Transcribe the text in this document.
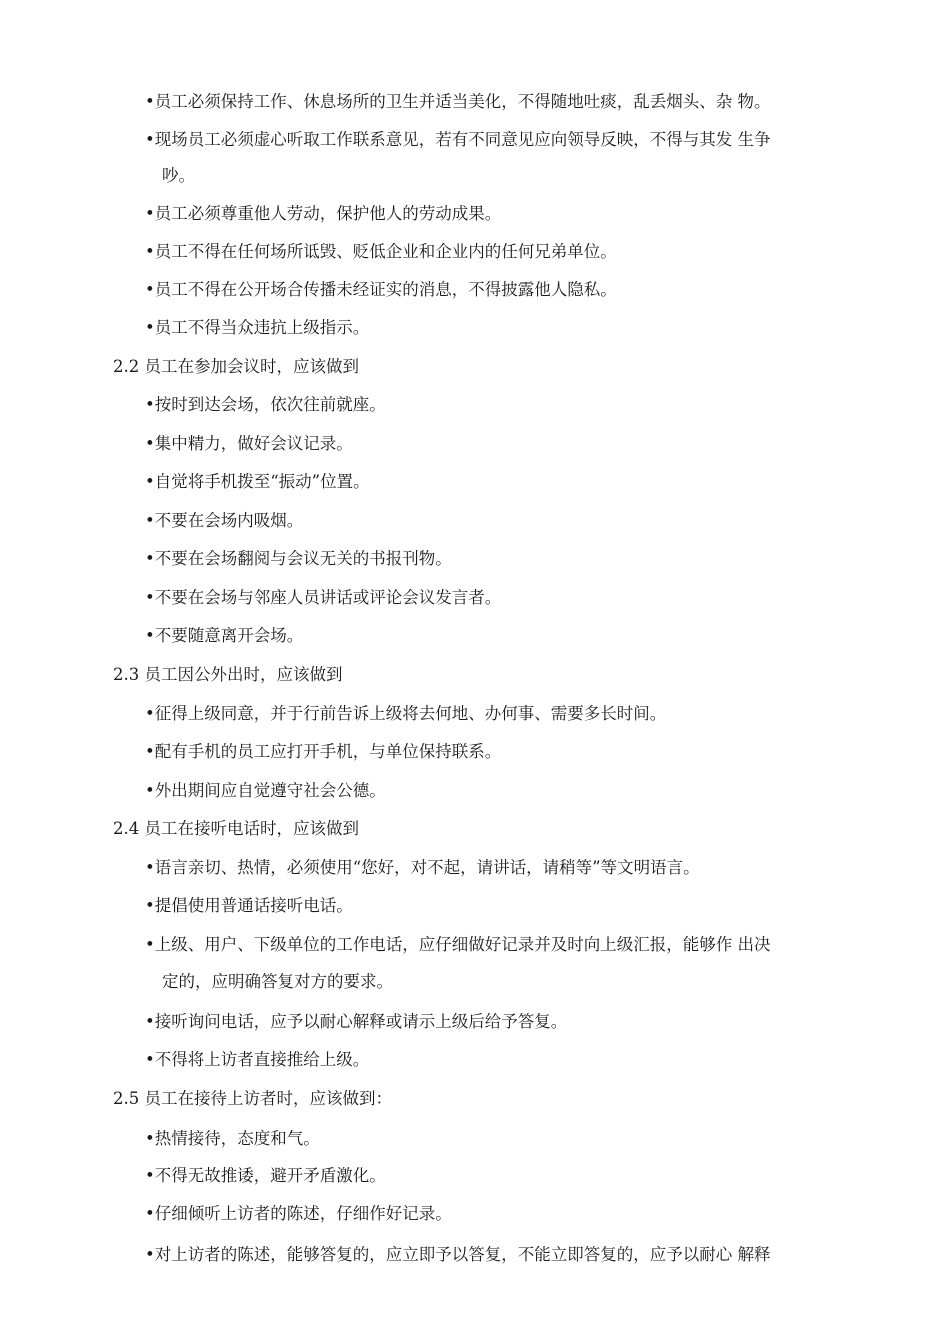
•员工必须保持工作、休息场所的卫生并适当美化，不得随地吐痰，乱丢烟头、杂 物。
•现场员工必须虚心听取工作联系意见，若有不同意见应向领导反映，不得与其发 生争
吵。
•员工必须尊重他人劳动，保护他人的劳动成果。
•员工不得在任何场所诋毁、贬低企业和企业内的任何兄弟单位。
•员工不得在公开场合传播未经证实的消息，不得披露他人隐私。
•员工不得当众违抗上级指示。
2.2 员工在参加会议时，应该做到
•按时到达会场，依次往前就座。
•集中精力，做好会议记录。
•自觉将手机拨至“振动”位置。
•不要在会场内吸烟。
•不要在会场翻阅与会议无关的书报刊物。
•不要在会场与邻座人员讲话或评论会议发言者。
•不要随意离开会场。
2.3 员工因公外出时，应该做到
•征得上级同意，并于行前告诉上级将去何地、办何事、需要多长时间。
•配有手机的员工应打开手机，与单位保持联系。
•外出期间应自觉遵守社会公德。
2.4 员工在接听电话时，应该做到
•语言亲切、热情，必须使用“您好，对不起，请讲话，请稍等”等文明语言。
•提倡使用普通话接听电话。
•上级、用户、下级单位的工作电话，应仔细做好记录并及时向上级汇报，能够作 出决
定的，应明确答复对方的要求。
•接听询问电话，应予以耐心解释或请示上级后给予答复。
•不得将上访者直接推给上级。
2.5 员工在接待上访者时，应该做到：
•热情接待，态度和气。
•不得无故推诿，避开矛盾激化。
•仔细倾听上访者的陈述，仔细作好记录。
•对上访者的陈述，能够答复的，应立即予以答复，不能立即答复的，应予以耐心 解释
